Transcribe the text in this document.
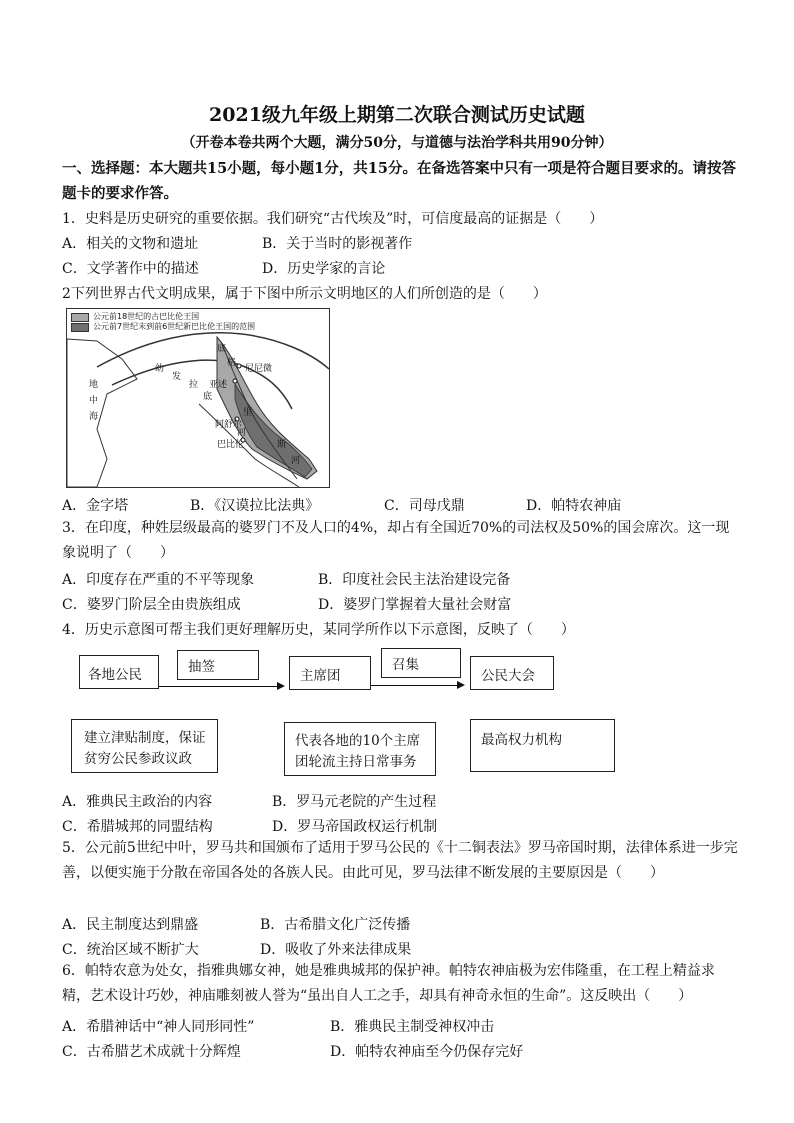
2021级九年级上期第二次联合测试历史试题
（开卷本卷共两个大题，满分50分，与道德与法治学科共用90分钟）
一、选择题：本大题共15小题，每小题1分，共15分。在备选答案中只有一项是符合题目要求的。请按答题卡的要求作答。
1．史料是历史研究的重要依据。我们研究“古代埃及”时，可信度最高的证据是（　　）
A．相关的文物和遗址	B．关于当时的影视著作
C．文学著作中的描述	D．历史学家的言论
2下列世界古代文明成果，属于下图中所示文明地区的人们所创造的是（　　）
公元前18世纪的古巴比伦王国
公元前7世纪末到前6世纪新巴比伦王国的范围
地
中
海
幼
发
拉
底
底
格
里
斯
河
河
尼尼微
亚述
阿舒尔
巴比伦
A．金字塔	B．《汉谟拉比法典》	C．司母戊鼎	D．帕特农神庙
3．在印度，种姓层级最高的婆罗门不及人口的4%，却占有全国近70%的司法权及50%的国会席次。这一现象说明了（　　）
A．印度存在严重的不平等现象	B．印度社会民主法治建设完备
C．婆罗门阶层全由贵族组成	D．婆罗门掌握着大量社会财富
4．历史示意图可帮主我们更好理解历史，某同学所作以下示意图，反映了（　　）
各地公民	抽签
主席团
召集
公民大会
建立津贴制度，保证贫穷公民参政议政
代表各地的10个主席团轮流主持日常事务
最高权力机构
A．雅典民主政治的内容	B．罗马元老院的产生过程
C．希腊城邦的同盟结构	D．罗马帝国政权运行机制
5．公元前5世纪中叶，罗马共和国颁布了适用于罗马公民的《十二铜表法》罗马帝国时期，法律体系进一步完善，以便实施于分散在帝国各处的各族人民。由此可见，罗马法律不断发展的主要原因是（　　）
A．民主制度达到鼎盛	B．古希腊文化广泛传播
C．统治区域不断扩大	D．吸收了外来法律成果
6．帕特农意为处女，指雅典娜女神，她是雅典城邦的保护神。帕特农神庙极为宏伟隆重，在工程上精益求精，艺术设计巧妙，神庙雕刻被人誉为“虽出自人工之手，却具有神奇永恒的生命”。这反映出（　　）
A．希腊神话中“神人同形同性”	B．雅典民主制受神权冲击
C．古希腊艺术成就十分辉煌	D．帕特农神庙至今仍保存完好
